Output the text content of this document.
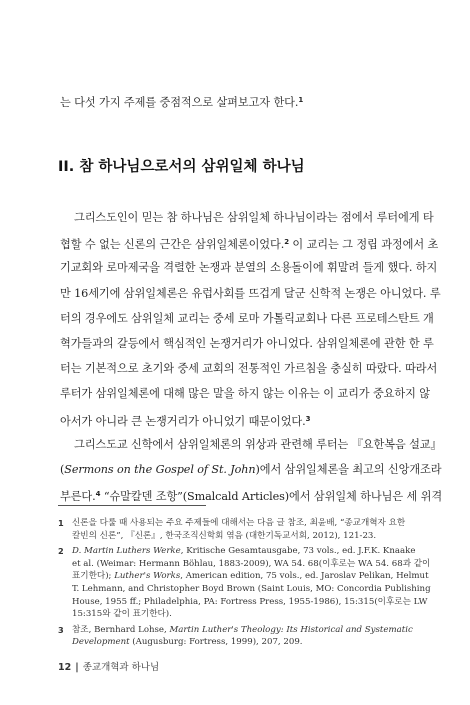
는 다섯 가지 주제를 중점적으로 살펴보고자 한다.$^1$
II. 참 하나님으로서의 삼위일체 하나님
그리스도인이 믿는 참 하나님은 삼위일체 하나님이라는 점에서 루터에게 타
협할 수 없는 신론의 근간은 삼위일체론이었다.$^2$ 이 교리는 그 정립 과정에서 초
기교회와 로마제국을 격렬한 논쟁과 분열의 소용돌이에 휘말려 들게 했다. 하지
만 16세기에 삼위일체론은 유럽사회를 뜨겁게 달군 신학적 논쟁은 아니었다. 루
터의 경우에도 삼위일체 교리는 중세 로마 가톨릭교회나 다른 프로테스탄트 개
혁가들과의 갈등에서 핵심적인 논쟁거리가 아니었다. 삼위일체론에 관한 한 루
터는 기본적으로 초기와 중세 교회의 전통적인 가르침을 충실히 따랐다. 따라서
루터가 삼위일체론에 대해 많은 말을 하지 않는 이유는 이 교리가 중요하지 않
아서가 아니라 큰 논쟁거리가 아니었기 때문이었다.$^3$
그리스도교 신학에서 삼위일체론의 위상과 관련해 루터는 『요한복음 설교』
(Sermons on the Gospel of St. John)에서 삼위일체론을 최고의 신앙개조라
부른다.$^4$ “슈말칼덴 조항”(Smalcald Articles)에서 삼위일체 하나님은 세 위격
1 신론을 다룰 때 사용되는 주요 주제들에 대해서는 다음 글 참조, 최윤배, “종교개혁자 요한
칼빈의 신론”, 『신론』, 한국조직신학회 엮음 (대한기독교서회, 2012), 121-23.
2 D. Martin Luthers Werke, Kritische Gesamtausgabe, 73 vols., ed. J.F.K. Knaake
et al. (Weimar: Hermann Böhlau, 1883-2009), WA 54. 68(이후로는 WA 54. 68과 같이
표기한다); Luther's Works, American edition, 75 vols., ed. Jaroslav Pelikan, Helmut
T. Lehmann, and Christopher Boyd Brown (Saint Louis, MO: Concordia Publishing
House, 1955 ff.; Philadelphia, PA: Fortress Press, 1955-1986), 15:315(이후로는 LW
15:315와 같이 표기한다).
3 참조, Bernhard Lohse, Martin Luther's Theology: Its Historical and Systematic
Development (Augusburg: Fortress, 1999), 207, 209.
12 | 종교개혁과 하나님
